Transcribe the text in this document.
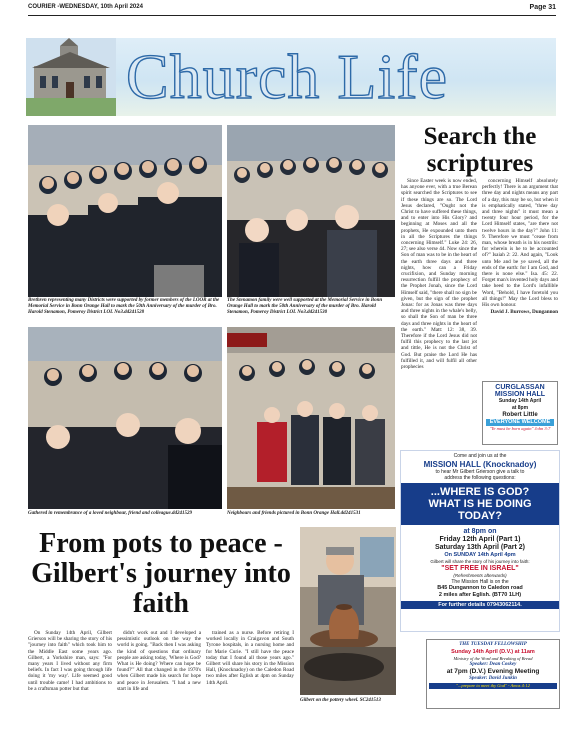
COURIER -WEDNESDAY, 10th April 2024	Page 31
Church Life
Brethren representing many Districts were supported by former members of the LOOR at the Memorial Service in Bonn Orange Hall to mark the 50th Anniversary of the murder of Bro. Harold Stenamon, Pomeroy District LOL No3.dd241528
The Stenamon family were well supported at the Memorial Service in Bonn Orange Hall to mark the 50th Anniversary of the murder of Bro. Harold Stenamon, Pomeroy District LOL No3.dd241530
Gathered in remembrance of a loved neighbour, friend and colleague.dd241529	Neighbours and friends pictured in Bonn Orange Hall.dd241531
Search the scriptures

Since Easter week is now ended, has anyone ever, with a true Berean spirit searched the Scriptures to see if these things are so. The Lord Jesus declared, "Ought not the Christ to have suffered these things, and to enter into His Glory? and beginning at Moses and all the prophets, He expounded unto them in all the Scriptures the things concerning Himself." Luke 24: 26, 27; see also verse 44. Now since the Son of man was to be in the heart of the earth three days and three nights, how can a Friday crucifixion, and Sunday morning resurrection fulfill the prophecy of the Prophet Jonah, since the Lord Himself said, "there shall no sign be given, but the sign of the prophet Jonas: for as Jonas was three days and three nights in the whale's belly, so shall the Son of man be three days and three nights in the heart of the earth." Matt: 12: 38, 39. Therefore if the Lord Jesus did not fulfil this prophecy to the last jot and tittle, He is not the Christ of God. But praise the Lord He has fulfilled it, and will fulfil all other prophecies

concerning Himself absolutely perfectly! There is an argument that three day and nights means any part of a day, this may be so, but when it is emphatically stated, "three day and three nights" it must mean a twenty four hour period, for the Lord Himself states, "are there not twelve hours in the day?" John 11: 9. Therefore we must "cease from man, whose breath is in his nostrils: for wherein is he to be accounted of?" Isaiah 2: 22. And again, "Look unto Me and be ye saved, all the ends of the earth: for I am God, and there is none else." Isa. 45: 22. Forget man's invented holy days and take heed to the Lord's infallible Word, "Behold, I have foretold you all things!" May the Lord bless to His own honour.

David J. Burrows, Dungannon
CURGLASSAN MISSION HALL
Sunday 14th April
at 8pm
Robert Little
EVERYONE WELCOME
"Ye must be born again" John 3:7
Come and join us at the
MISSION HALL (Knocknadoy)
to hear Mr Gilbert Grierson give a talk to
address the following questions:
...WHERE IS GOD?
WHAT IS HE DOING
TODAY?
at 8pm on
Friday 12th April (Part 1)
Saturday 13th April (Part 2)
On SUNDAY 14th April 4pm
Gilbert will share the story of his journey into faith:
"SET FREE IN ISRAEL"
(Refreshments afterwards)
The Mission Hall is on the
B45 Dungannon to Caledon road
2 miles after Eglish. (BT70 1LH)
For further details 07943062114.
THE TUESDAY FELLOWSHIP
Sunday 14th April (D.V.) at 11am
Ministry of the Word and Breaking of Bread
Speaker: Dean Coskey
at 7pm (D.V.) Evening Meeting
Speaker: David Junkin
"...prepare to meet thy God" - Amos 4:12
From pots to peace - Gilbert's journey into faith

On Sunday 14th April, Gilbert Grierson will be sharing the story of his "journey into faith" which took him to the Middle East some years ago. Gilbert, a Yorkshire man, says: "For many years I lived without any firm beliefs. In fact I was going through life doing it 'my way'. Life seemed good until trouble came! I had ambitions to be a craftsman potter but that

didn't work out and I developed a pessimistic outlook on the way the world is going. "Back then I was asking the kind of questions that ordinary people are asking today, 'Where is God? What is He doing? Where can hope be found?'" All that changed in the 1970's when Gilbert made his search for hope and peace in Jerusalem. "I had a new start in life and

trained as a nurse. Before retiring I worked locally in Craigavon and South Tyrone hospitals, in a nursing home and for Marie Curie. "I still have the peace today that I found all those years ago." Gilbert will share his story in the Mission Hall, (Knocknadoy) on the Caledon Road two miles after Eglish at 4pm on Sunday 14th April.

Gilbert on the pottery wheel. SC241513
